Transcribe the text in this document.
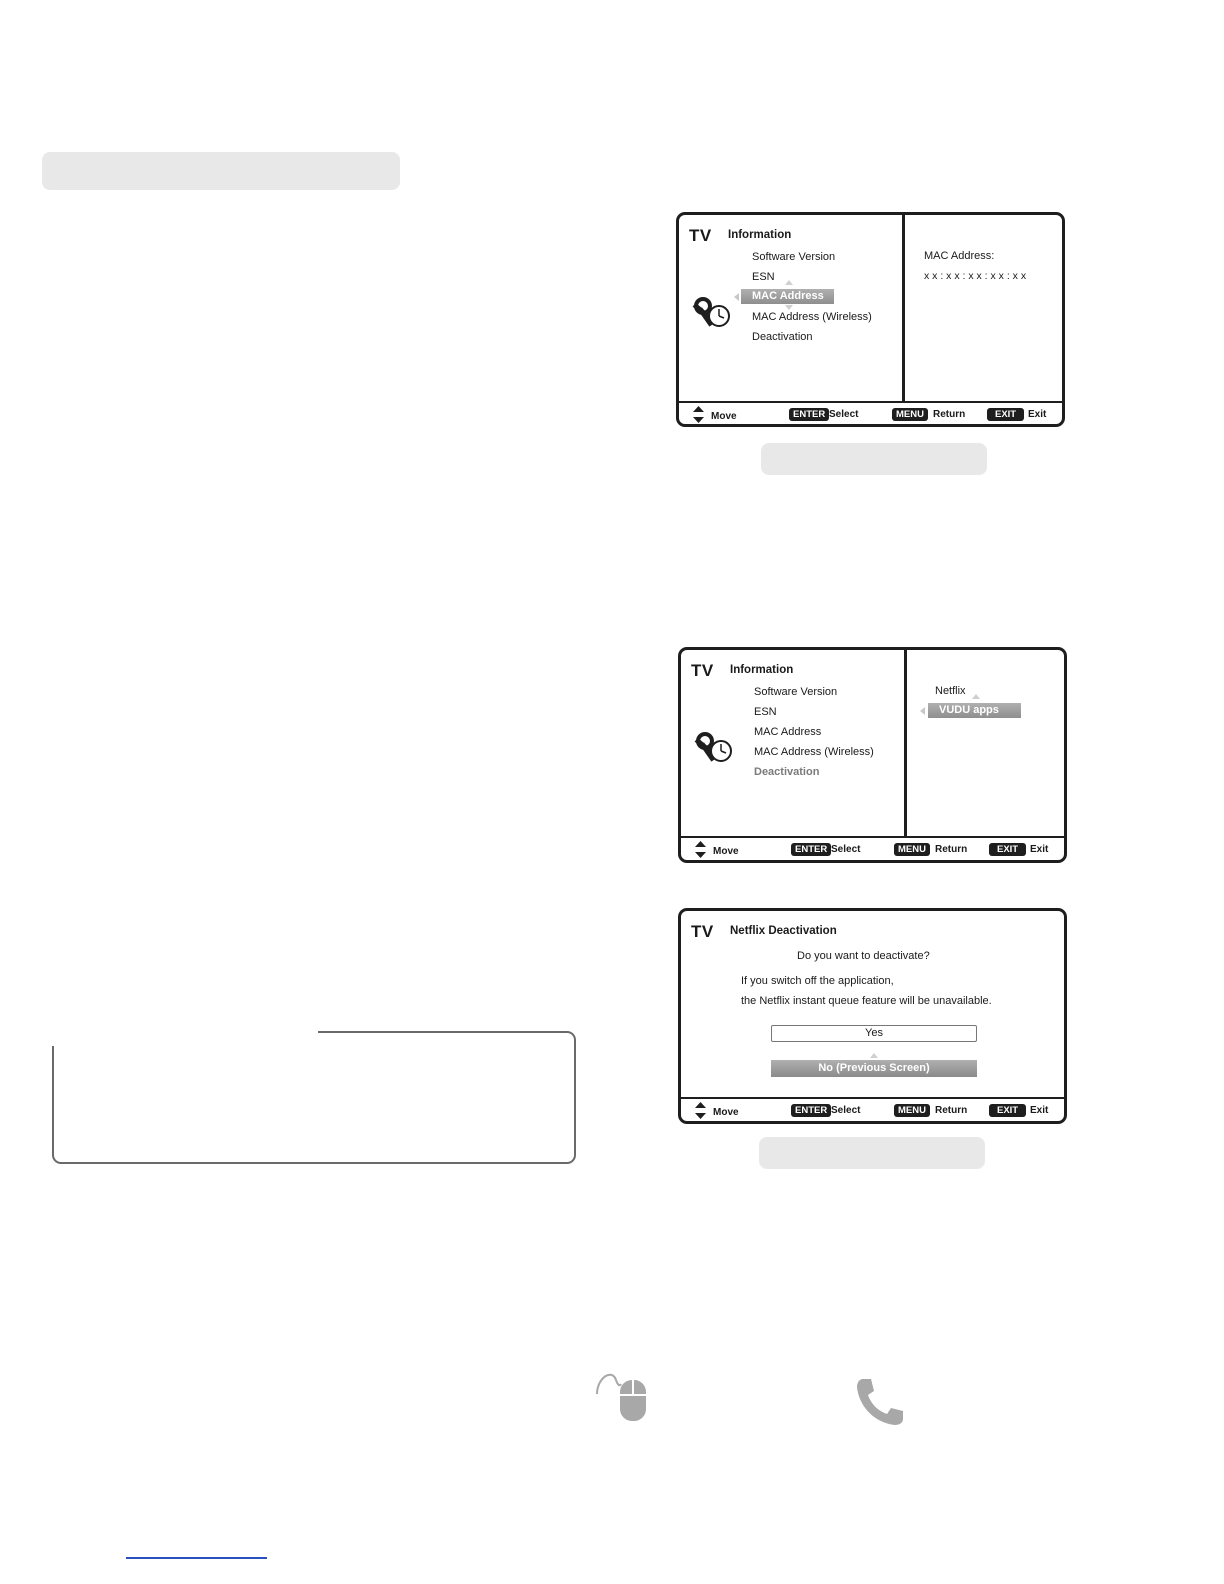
TV Information
Software Version
ESN
MAC Address
MAC Address (Wireless)
Deactivation
MAC Address:
x x : x x : x x : x x : x x
Move	ENTER Select	MENU Return	EXIT	Exit
TV Information
Software Version
ESN
MAC Address
MAC Address (Wireless)
Deactivation
Netflix
VUDU apps
Move	ENTER Select	MENU Return	EXIT	Exit
TV Netflix Deactivation
Do you want to deactivate?
If you switch off the application,
the Netflix instant queue feature will be unavailable.
Yes
No (Previous Screen)
Move	ENTER Select	MENU Return	EXIT	Exit
